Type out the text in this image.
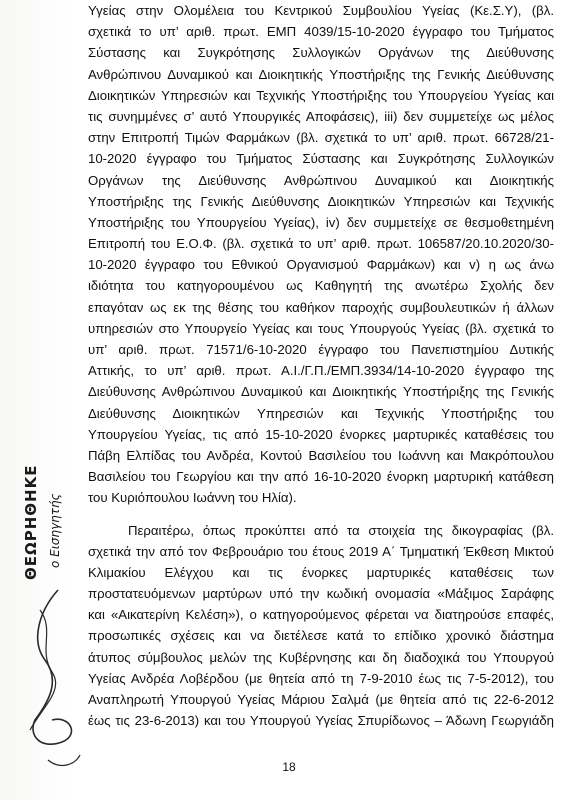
ΘΕΩΡΗΘΗΚΕ ο Εισηγητής
Υγείας στην Ολομέλεια του Κεντρικού Συμβουλίου Υγείας (Κε.Σ.Υ), (βλ.
σχετικά το υπ’ αριθ. πρωτ. ΕΜΠ 4039/15-10-2020 έγγραφο του Τμήματος
Σύστασης και Συγκρότησης Συλλογικών Οργάνων της Διεύθυνσης
Ανθρώπινου Δυναμικού και Διοικητικής Υποστήριξης της Γενικής Διεύθυνσης
Διοικητικών Υπηρεσιών και Τεχνικής Υποστήριξης του Υπουργείου Υγείας και
τις συνημμένες σ’ αυτό Υπουργικές Αποφάσεις), iii) δεν συμμετείχε ως μέλος
στην Επιτροπή Τιμών Φαρμάκων (βλ. σχετικά το υπ’ αριθ. πρωτ. 66728/21-
10-2020 έγγραφο του Τμήματος Σύστασης και Συγκρότησης Συλλογικών
Οργάνων της Διεύθυνσης Ανθρώπινου Δυναμικού και Διοικητικής
Υποστήριξης της Γενικής Διεύθυνσης Διοικητικών Υπηρεσιών και Τεχνικής
Υποστήριξης του Υπουργείου Υγείας), iv) δεν συμμετείχε σε θεσμοθετημένη
Επιτροπή του Ε.Ο.Φ. (βλ. σχετικά το υπ’ αριθ. πρωτ. 106587/20.10.2020/30-
10-2020 έγγραφο του Εθνικού Οργανισμού Φαρμάκων) και v) η ως άνω
ιδιότητα του κατηγορουμένου ως Καθηγητή της ανωτέρω Σχολής δεν
επαγόταν ως εκ της θέσης του καθήκον παροχής συμβουλευτικών ή άλλων
υπηρεσιών στο Υπουργείο Υγείας και τους Υπουργούς Υγείας (βλ. σχετικά το
υπ’ αριθ. πρωτ. 71571/6-10-2020 έγγραφο του Πανεπιστημίου Δυτικής
Αττικής, το υπ’ αριθ. πρωτ. Α.Ι./Γ.Π./ΕΜΠ.3934/14-10-2020 έγγραφο της
Διεύθυνσης Ανθρώπινου Δυναμικού και Διοικητικής Υποστήριξης της Γενικής
Διεύθυνσης Διοικητικών Υπηρεσιών και Τεχνικής Υποστήριξης του
Υπουργείου Υγείας, τις από 15-10-2020 ένορκες μαρτυρικές καταθέσεις του
Πάβη Ελπίδας του Ανδρέα, Κοντού Βασιλείου του Ιωάννη και Μακρόπουλου
Βασιλείου του Γεωργίου και την από 16-10-2020 ένορκη μαρτυρική κατάθεση
του Κυριόπουλου Ιωάννη του Ηλία).
Περαιτέρω, όπως προκύπτει από τα στοιχεία της δικογραφίας (βλ.
σχετικά την από τον Φεβρουάριο του έτους 2019 Α΄ Τμηματική Έκθεση Μικτού
Κλιμακίου Ελέγχου και τις ένορκες μαρτυρικές καταθέσεις των
προστατευόμενων μαρτύρων υπό την κωδική ονομασία «Μάξιμος Σαράφης
και «Αικατερίνη Κελέση»), ο κατηγορούμενος φέρεται να διατηρούσε επαφές,
προσωπικές σχέσεις και να διετέλεσε κατά το επίδικο χρονικό διάστημα
άτυπος σύμβουλος μελών της Κυβέρνησης και δη διαδοχικά του Υπουργού
Υγείας Ανδρέα Λοβέρδου (με θητεία από τη 7-9-2010 έως τις 7-5-2012), του
Αναπληρωτή Υπουργού Υγείας Μάριου Σαλμά (με θητεία από τις 22-6-2012
έως τις 23-6-2013) και του Υπουργού Υγείας Σπυρίδωνος – Άδωνη Γεωργιάδη
18
